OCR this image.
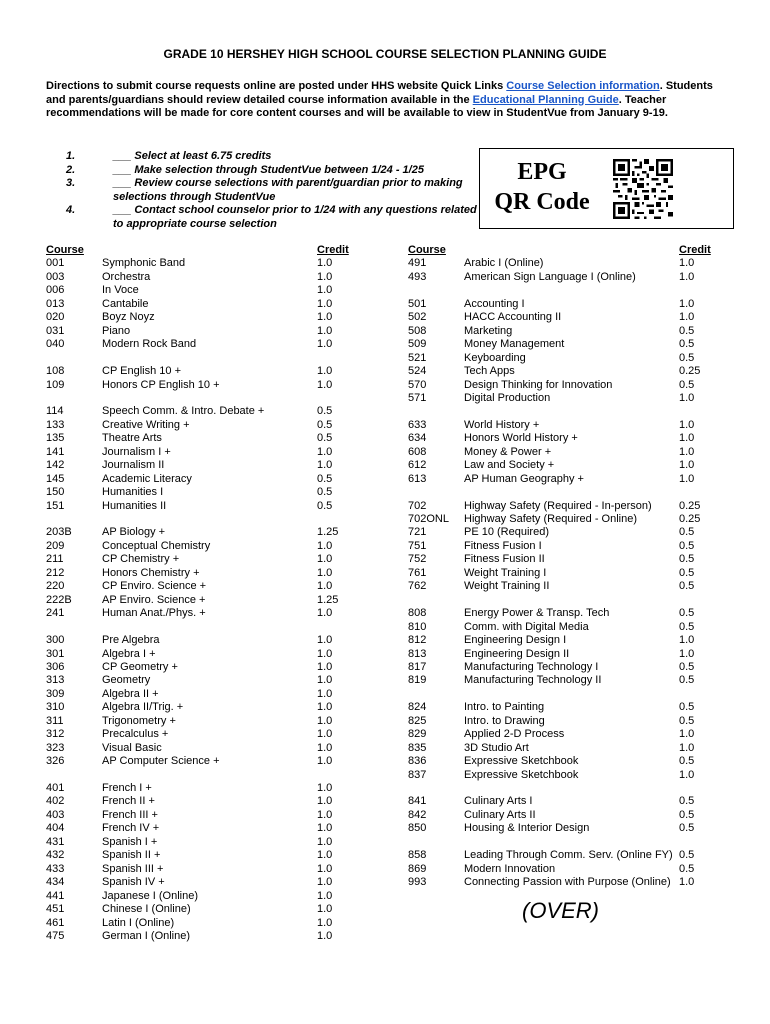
GRADE 10 HERSHEY HIGH SCHOOL COURSE SELECTION PLANNING GUIDE
Directions to submit course requests online are posted under HHS website Quick Links Course Selection information. Students and parents/guardians should review detailed course information available in the Educational Planning Guide. Teacher recommendations will be made for core content courses and will be available to view in StudentVue from January 9-19.
1.	___ Select at least 6.75 credits
2.	___ Make selection through StudentVue between 1/24 - 1/25
3.	___ Review course selections with parent/guardian prior to making selections through StudentVue
4.	___ Contact school counselor prior to 1/24 with any questions related to appropriate course selection
EPG
QR Code
Course	Credit
001	Symphonic Band	1.0
003	Orchestra	1.0
006	In Voce	1.0
013	Cantabile	1.0
020	Boyz Noyz	1.0
031	Piano	1.0
040	Modern Rock Band	1.0
108	CP English 10 +	1.0
109	Honors CP English 10 +	1.0
114	Speech Comm. & Intro. Debate +	0.5
133	Creative Writing +	0.5
135	Theatre Arts	0.5
141	Journalism I +	1.0
142	Journalism II	1.0
145	Academic Literacy	0.5
150	Humanities I	0.5
151	Humanities II	0.5
203B	AP Biology +	1.25
209	Conceptual Chemistry	1.0
211	CP Chemistry +	1.0
212	Honors Chemistry +	1.0
220	CP Enviro. Science +	1.0
222B	AP Enviro. Science +	1.25
241	Human Anat./Phys. +	1.0
300	Pre Algebra	1.0
301	Algebra I +	1.0
306	CP Geometry +	1.0
313	Geometry	1.0
309	Algebra II +	1.0
310	Algebra II/Trig. +	1.0
311	Trigonometry +	1.0
312	Precalculus +	1.0
323	Visual Basic	1.0
326	AP Computer Science +	1.0
401	French I +	1.0
402	French II +	1.0
403	French III +	1.0
404	French IV +	1.0
431	Spanish I +	1.0
432	Spanish II +	1.0
433	Spanish III +	1.0
434	Spanish IV +	1.0
441	Japanese I (Online)	1.0
451	Chinese I (Online)	1.0
461	Latin I (Online)	1.0
475	German I (Online)	1.0
Course	Credit
491	Arabic I (Online)	1.0
493	American Sign Language I (Online)	1.0
501	Accounting I	1.0
502	HACC Accounting II	1.0
508	Marketing	0.5
509	Money Management	0.5
521	Keyboarding	0.5
524	Tech Apps	0.25
570	Design Thinking for Innovation	0.5
571	Digital Production	1.0
633	World History +	1.0
634	Honors World History +	1.0
608	Money & Power +	1.0
612	Law and Society +	1.0
613	AP Human Geography +	1.0
702	Highway Safety (Required - In-person) 0.25
702ONL Highway Safety (Required - Online)	0.25
721	PE 10 (Required)	0.5
751	Fitness Fusion I	0.5
752	Fitness Fusion II	0.5
761	Weight Training I	0.5
762	Weight Training II	0.5
808	Energy Power & Transp. Tech	0.5
810	Comm. with Digital Media	0.5
812	Engineering Design I	1.0
813	Engineering Design II	1.0
817	Manufacturing Technology I	0.5
819	Manufacturing Technology II	0.5
824	Intro. to Painting	0.5
825	Intro. to Drawing	0.5
829	Applied 2-D Process	1.0
835	3D Studio Art	1.0
836	Expressive Sketchbook	0.5
837	Expressive Sketchbook	1.0
841	Culinary Arts I	0.5
842	Culinary Arts II	0.5
850	Housing & Interior Design	0.5
858	Leading Through Comm. Serv. (Online FY) 0.5
869	Modern Innovation	0.5
993	Connecting Passion with Purpose (Online) 1.0
(OVER)
